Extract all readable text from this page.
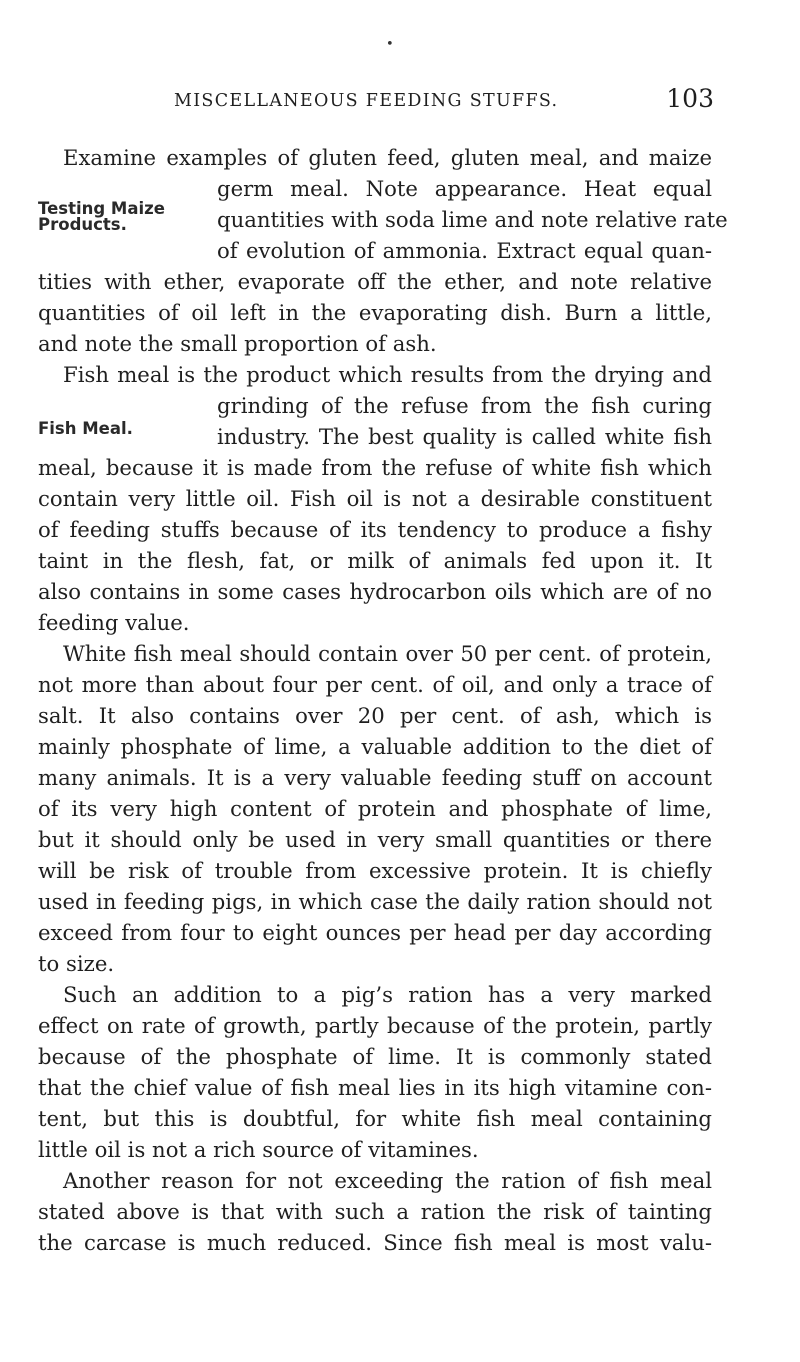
•
MISCELLANEOUS FEEDING STUFFS.	103
Testing Maize
Products.
Fish Meal.
Examine examples of gluten feed, gluten meal, and maize
germ meal. Note appearance. Heat equal
quantities with soda lime and note relative rate
of evolution of ammonia. Extract equal quan-
tities with ether, evaporate off the ether, and note relative
quantities of oil left in the evaporating dish. Burn a little,
and note the small proportion of ash.
Fish meal is the product which results from the drying and
grinding of the refuse from the fish curing
industry. The best quality is called white fish
meal, because it is made from the refuse of white fish which
contain very little oil. Fish oil is not a desirable constituent
of feeding stuffs because of its tendency to produce a fishy
taint in the flesh, fat, or milk of animals fed upon it. It
also contains in some cases hydrocarbon oils which are of no
feeding value.
White fish meal should contain over 50 per cent. of protein,
not more than about four per cent. of oil, and only a trace of
salt. It also contains over 20 per cent. of ash, which is
mainly phosphate of lime, a valuable addition to the diet of
many animals. It is a very valuable feeding stuff on account
of its very high content of protein and phosphate of lime,
but it should only be used in very small quantities or there
will be risk of trouble from excessive protein. It is chiefly
used in feeding pigs, in which case the daily ration should not
exceed from four to eight ounces per head per day according
to size.
Such an addition to a pig’s ration has a very marked
effect on rate of growth, partly because of the protein, partly
because of the phosphate of lime. It is commonly stated
that the chief value of fish meal lies in its high vitamine con-
tent, but this is doubtful, for white fish meal containing
little oil is not a rich source of vitamines.
Another reason for not exceeding the ration of fish meal
stated above is that with such a ration the risk of tainting
the carcase is much reduced. Since fish meal is most valu-
